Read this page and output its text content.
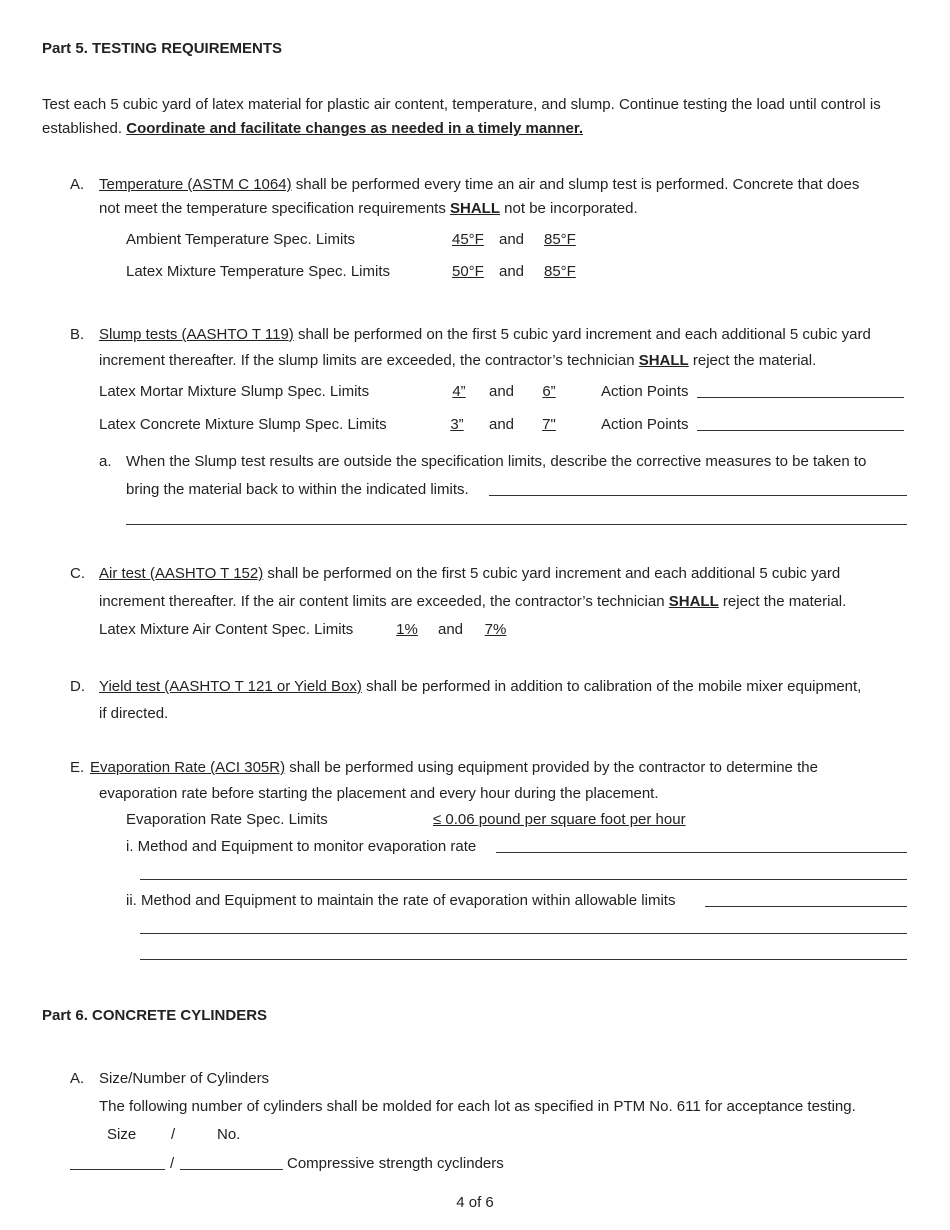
Part 5. TESTING REQUIREMENTS
Test each 5 cubic yard of latex material for plastic air content, temperature, and slump. Continue testing the load until control is
established. Coordinate and facilitate changes as needed in a timely manner.
A. Temperature (ASTM C 1064) shall be performed every time an air and slump test is performed. Concrete that does
not meet the temperature specification requirements SHALL not be incorporated.
Ambient Temperature Spec. Limits	45°F and 85°F
Latex Mixture Temperature Spec. Limits	50°F and 85°F
B. Slump tests (AASHTO T 119) shall be performed on the first 5 cubic yard increment and each additional 5 cubic yard
increment thereafter. If the slump limits are exceeded, the contractor’s technician SHALL reject the material.
Latex Mortar Mixture Slump Spec. Limits	4”	and 6”	Action Points
Latex Concrete Mixture Slump Spec. Limits	3” and 7"	Action Points
a. When the Slump test results are outside the specification limits, describe the corrective measures to be taken to
bring the material back to within the indicated limits.
C. Air test (AASHTO T 152) shall be performed on the first 5 cubic yard increment and each additional 5 cubic yard
increment thereafter. If the air content limits are exceeded, the contractor’s technician SHALL reject the material.
Latex Mixture Air Content Spec. Limits	1%	and	7%
D. Yield test (AASHTO T 121 or Yield Box) shall be performed in addition to calibration of the mobile mixer equipment,
if directed.
E. Evaporation Rate (ACI 305R) shall be performed using equipment provided by the contractor to determine the
evaporation rate before starting the placement and every hour during the placement.
Evaporation Rate Spec. Limits	≤ 0.06 pound per square foot per hour
i. Method and Equipment to monitor evaporation rate
ii. Method and Equipment to maintain the rate of evaporation within allowable limits
Part 6. CONCRETE CYLINDERS
A. Size/Number of Cylinders
The following number of cylinders shall be molded for each lot as specified in PTM No. 611 for acceptance testing.
Size /	No.
/	Compressive strength cyclinders
4 of 6
